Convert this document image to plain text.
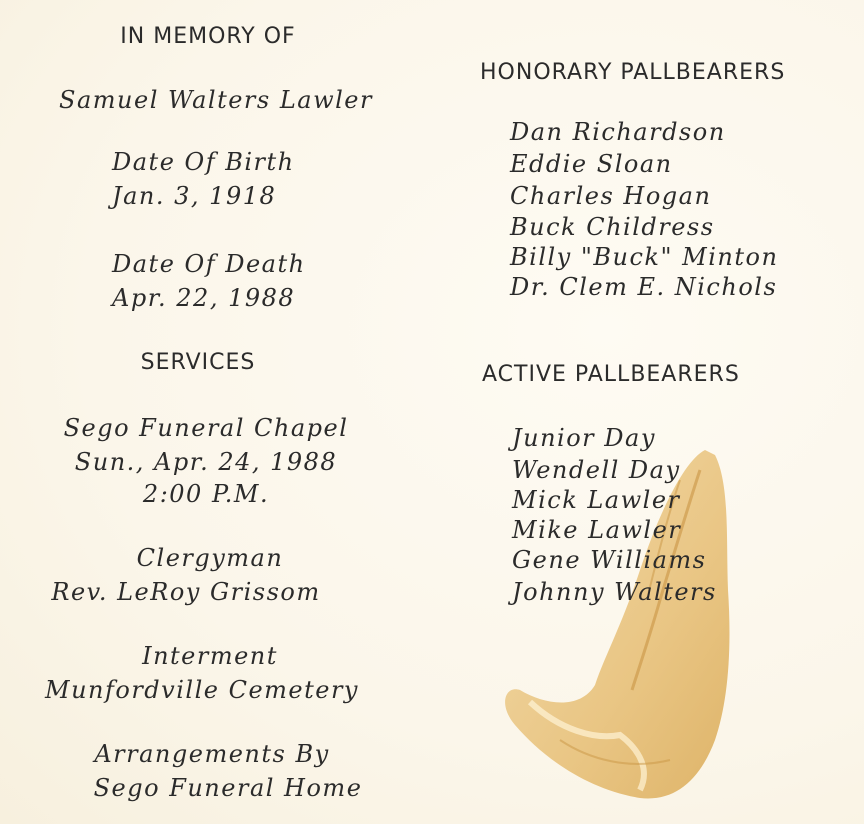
IN MEMORY OF
Samuel Walters Lawler
Date Of Birth
Jan. 3, 1918
Date Of Death
Apr. 22, 1988
SERVICES
Sego Funeral Chapel
Sun., Apr. 24, 1988
2:00 P.M.
Clergyman
Rev. LeRoy Grissom
Interment
Munfordville Cemetery
Arrangements By
Sego Funeral Home
HONORARY PALLBEARERS
Dan Richardson
Eddie Sloan
Charles Hogan
Buck Childress
Billy "Buck" Minton
Dr. Clem E. Nichols
ACTIVE PALLBEARERS
Junior Day
Wendell Day
Mick Lawler
Mike Lawler
Gene Williams
Johnny Walters
